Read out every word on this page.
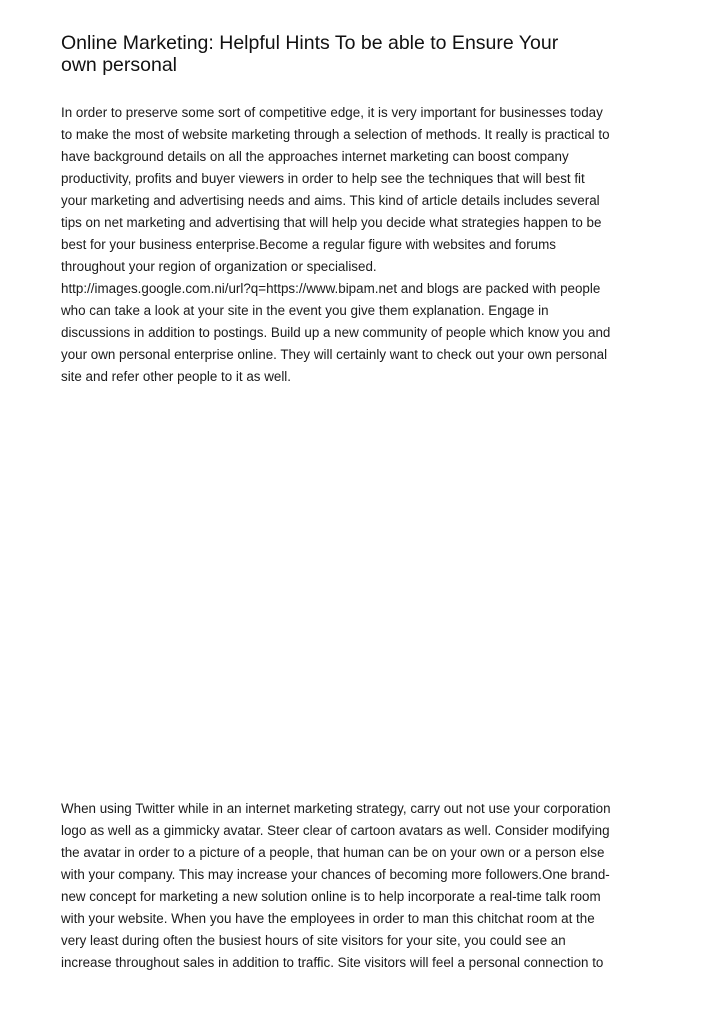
Online Marketing: Helpful Hints To be able to Ensure Your
own personal

In order to preserve some sort of competitive edge, it is very important for businesses today
to make the most of website marketing through a selection of methods. It really is practical to
have background details on all the approaches internet marketing can boost company
productivity, profits and buyer viewers in order to help see the techniques that will best fit
your marketing and advertising needs and aims. This kind of article details includes several
tips on net marketing and advertising that will help you decide what strategies happen to be
best for your business enterprise.Become a regular figure with websites and forums
throughout your region of organization or specialised.
http://images.google.com.ni/url?q=https://www.bipam.net and blogs are packed with people
who can take a look at your site in the event you give them explanation. Engage in
discussions in addition to postings. Build up a new community of people which know you and
your own personal enterprise online. They will certainly want to check out your own personal
site and refer other people to it as well.

When using Twitter while in an internet marketing strategy, carry out not use your corporation
logo as well as a gimmicky avatar. Steer clear of cartoon avatars as well. Consider modifying
the avatar in order to a picture of a people, that human can be on your own or a person else
with your company. This may increase your chances of becoming more followers.One brand-
new concept for marketing a new solution online is to help incorporate a real-time talk room
with your website. When you have the employees in order to man this chitchat room at the
very least during often the busiest hours of site visitors for your site, you could see an
increase throughout sales in addition to traffic. Site visitors will feel a personal connection to
